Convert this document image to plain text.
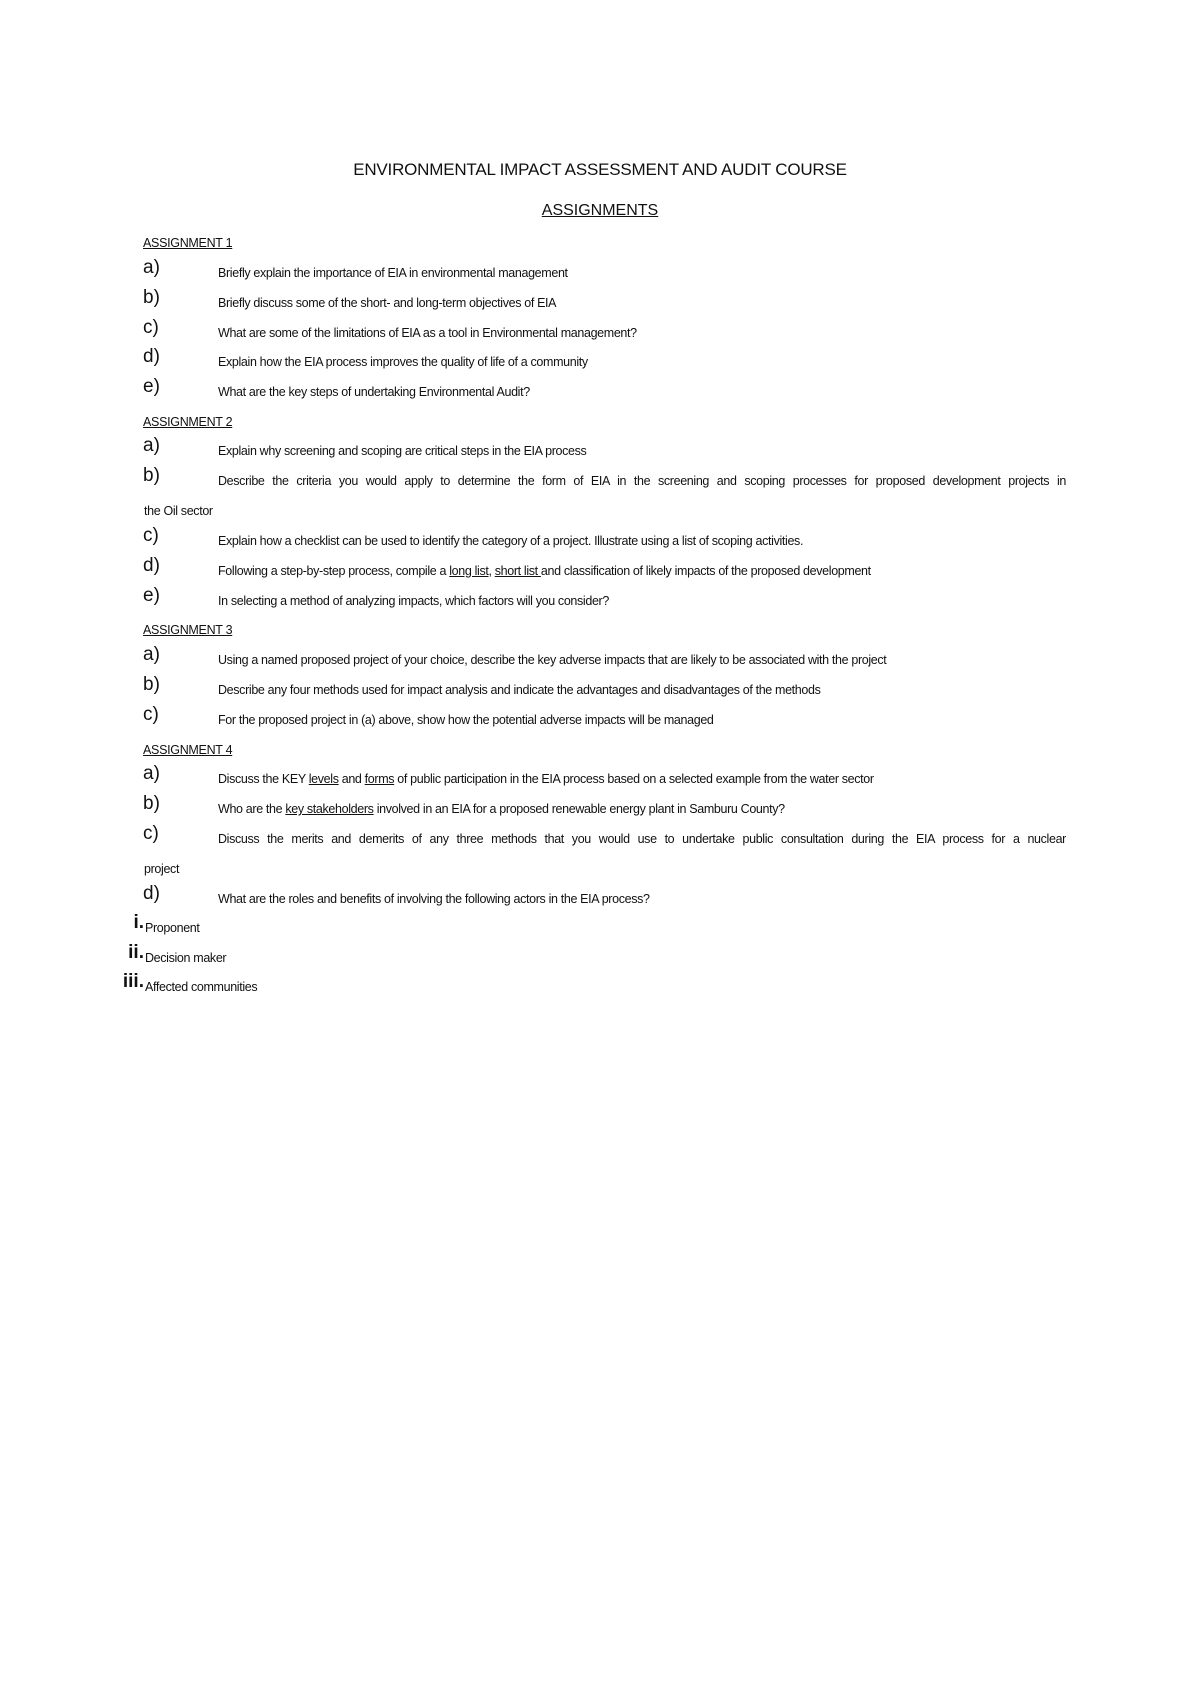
ENVIRONMENTAL IMPACT ASSESSMENT AND AUDIT COURSE
ASSIGNMENTS
ASSIGNMENT 1
a)	Briefly explain the importance of EIA in environmental management
b)	Briefly discuss some of the short- and long-term objectives of EIA
c)	What are some of the limitations of EIA as a tool in Environmental management?
d)	Explain how the EIA process improves the quality of life of a community
e)	What are the key steps of undertaking Environmental Audit?
ASSIGNMENT 2
a)	Explain why screening and scoping are critical steps in the EIA process
b)	Describe the criteria you would apply to determine the form of EIA in the screening and scoping processes for proposed development projects in
the Oil sector
c)	Explain how a checklist can be used to identify the category of a project. Illustrate using a list of scoping activities.
d)	Following a step-by-step process, compile a long list, short list and classification of likely impacts of the proposed development
e)	In selecting a method of analyzing impacts, which factors will you consider?
ASSIGNMENT 3
a)	Using a named proposed project of your choice, describe the key adverse impacts that are likely to be associated with the project
b)	Describe any four methods used for impact analysis and indicate the advantages and disadvantages of the methods
c)	For the proposed project in (a) above, show how the potential adverse impacts will be managed
ASSIGNMENT 4
a)	Discuss the KEY levels and forms of public participation in the EIA process based on a selected example from the water sector
b)	Who are the key stakeholders involved in an EIA for a proposed renewable energy plant in Samburu County?
c)	Discuss the merits and demerits of any three methods that you would use to undertake public consultation during the EIA process for a nuclear
project
d)	What are the roles and benefits of involving the following actors in the EIA process?
i. Proponent
ii. Decision maker
iii. Affected communities
